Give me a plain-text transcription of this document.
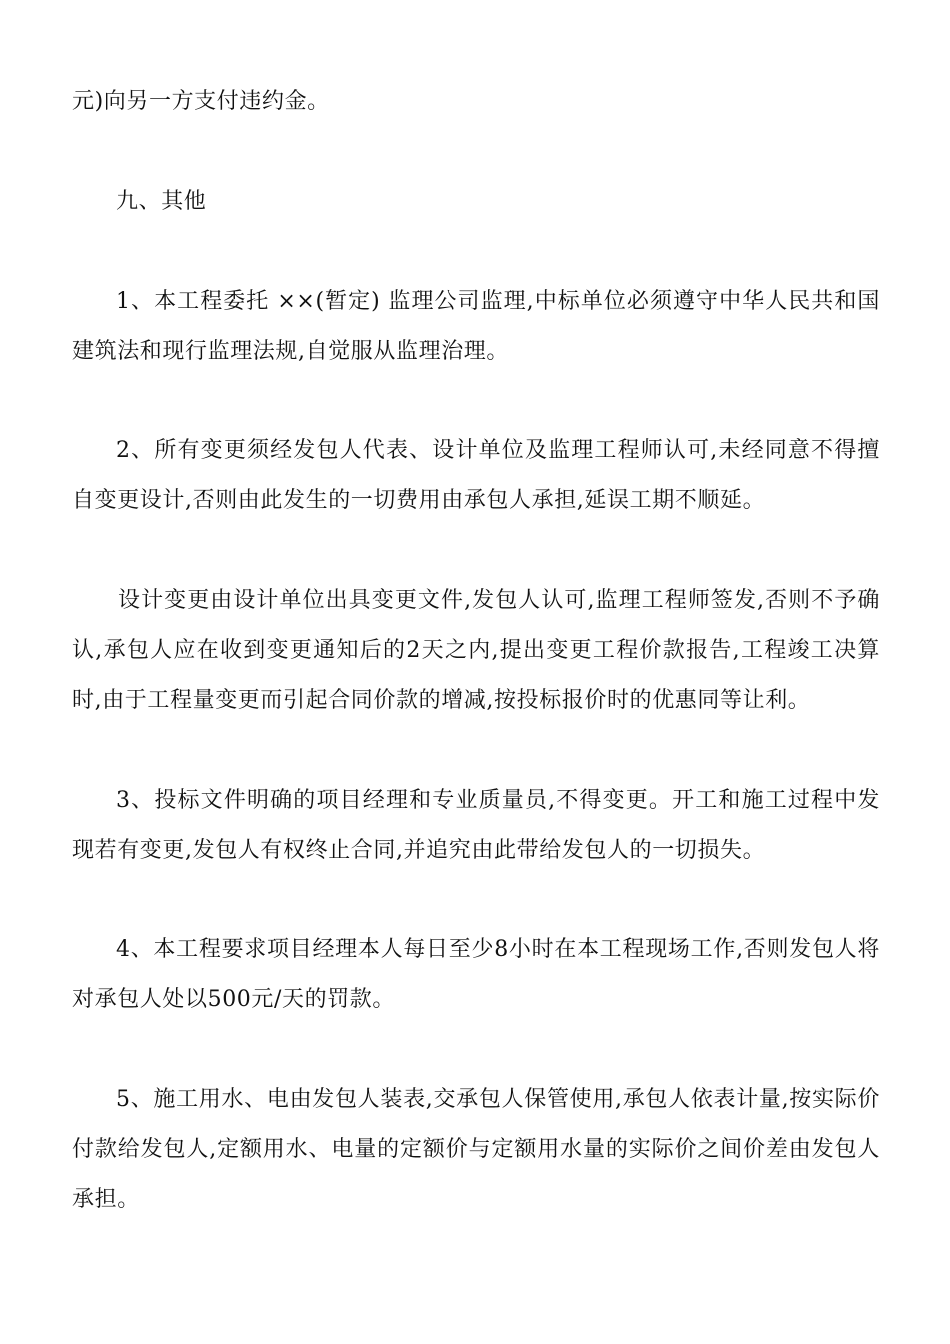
元)向另一方支付违约金。

九、其他

1、本工程委托 ××(暂定) 监理公司监理,中标单位必须遵守中华人民共和国建筑法和现行监理法规,自觉服从监理治理。

2、所有变更须经发包人代表、设计单位及监理工程师认可,未经同意不得擅自变更设计,否则由此发生的一切费用由承包人承担,延误工期不顺延。

设计变更由设计单位出具变更文件,发包人认可,监理工程师签发,否则不予确认,承包人应在收到变更通知后的2天之内,提出变更工程价款报告,工程竣工决算时,由于工程量变更而引起合同价款的增减,按投标报价时的优惠同等让利。

3、投标文件明确的项目经理和专业质量员,不得变更。开工和施工过程中发现若有变更,发包人有权终止合同,并追究由此带给发包人的一切损失。

4、本工程要求项目经理本人每日至少8小时在本工程现场工作,否则发包人将对承包人处以500元/天的罚款。

5、施工用水、电由发包人装表,交承包人保管使用,承包人依表计量,按实际价付款给发包人,定额用水、电量的定额价与定额用水量的实际价之间价差由发包人承担。
